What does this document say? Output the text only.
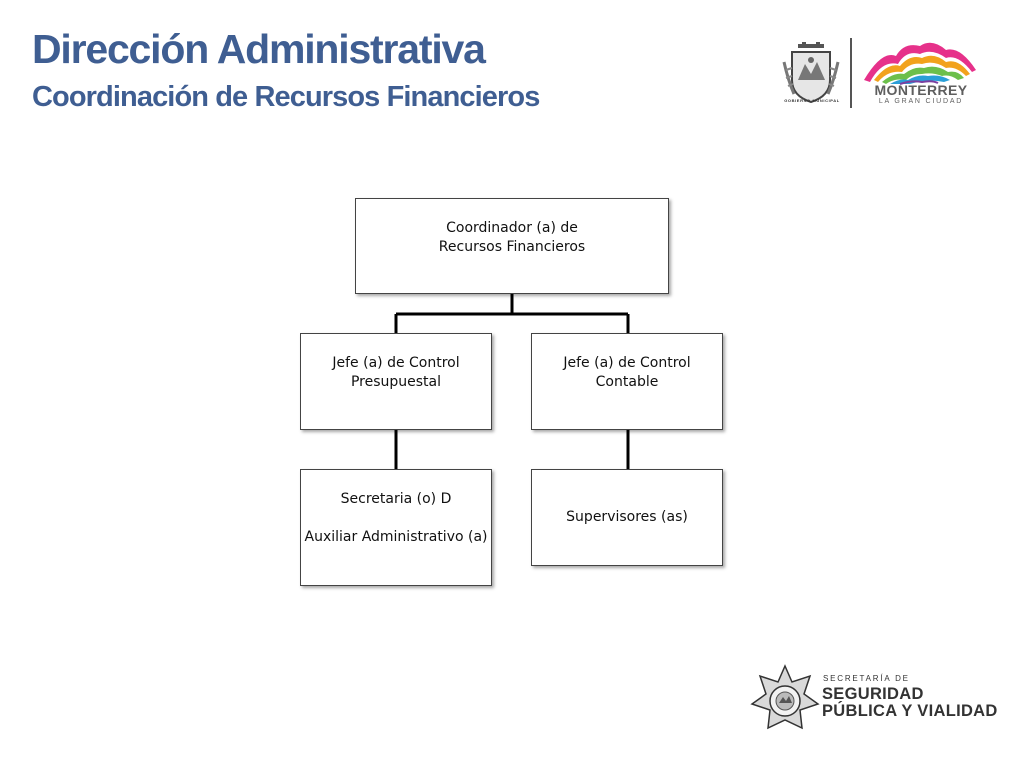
Dirección Administrativa
Coordinación de Recursos Financieros	GOBIERNO MUNICIPAL
MONTERREY
LA GRAN CIUDAD
Coordinador (a) de
Recursos Financieros
Jefe (a) de Control
Presupuestal
Jefe (a) de Control
Contable
Secretaria (o) D
Auxiliar Administrativo (a)
Supervisores (as)
SECRETARÍA DE
SEGURIDAD
PÚBLICA Y VIALIDAD
